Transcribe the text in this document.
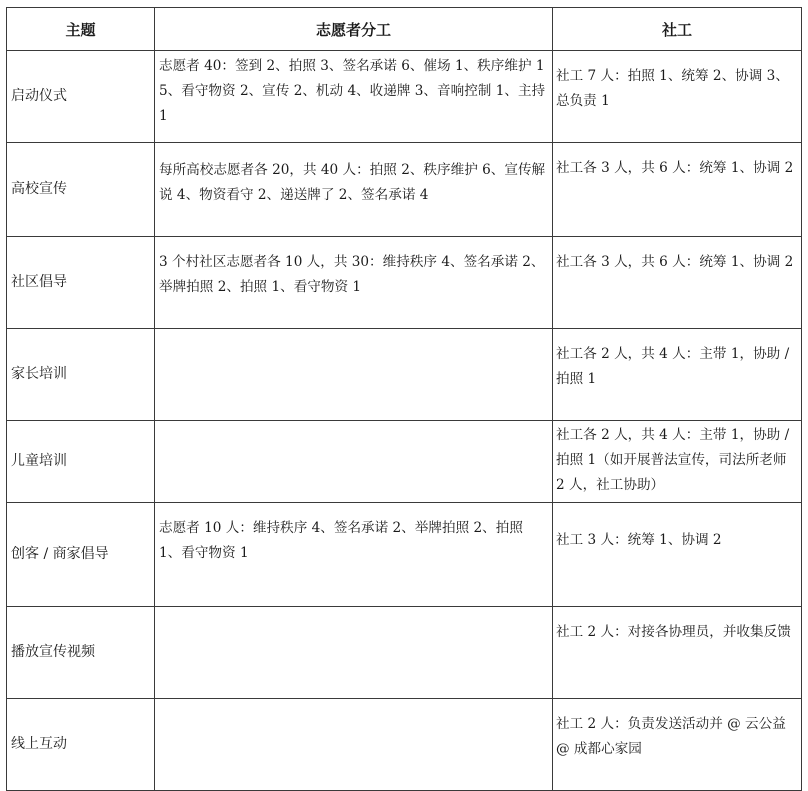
主题	志愿者分工	社工
启动仪式	志愿者 40：签到 2、拍照 3、签名承诺 6、催场 1、秩序维护 15、看守物资 2、宣传 2、机动 4、收递牌 3、音响控制 1、主持 1	社工 7 人：拍照 1、统筹 2、协调 3、总负责 1
高校宣传	每所高校志愿者各 20，共 40 人：拍照 2、秩序维护 6、宣传解说 4、物资看守 2、递送牌了 2、签名承诺 4	社工各 3 人，共 6 人：统筹 1、协调 2
社区倡导	3 个村社区志愿者各 10 人，共 30：维持秩序 4、签名承诺 2、举牌拍照 2、拍照 1、看守物资 1	社工各 3 人，共 6 人：统筹 1、协调 2
家长培训		社工各 2 人，共 4 人：主带 1，协助 / 拍照 1
儿童培训		社工各 2 人，共 4 人：主带 1，协助 / 拍照 1（如开展普法宣传，司法所老师 2 人，社工协助）
创客 / 商家倡导	志愿者 10 人：维持秩序 4、签名承诺 2、举牌拍照 2、拍照 1、看守物资 1	社工 3 人：统筹 1、协调 2
播放宣传视频		社工 2 人：对接各协理员，并收集反馈
线上互动		社工 2 人：负责发送活动并 @ 云公益 @ 成都心家园
